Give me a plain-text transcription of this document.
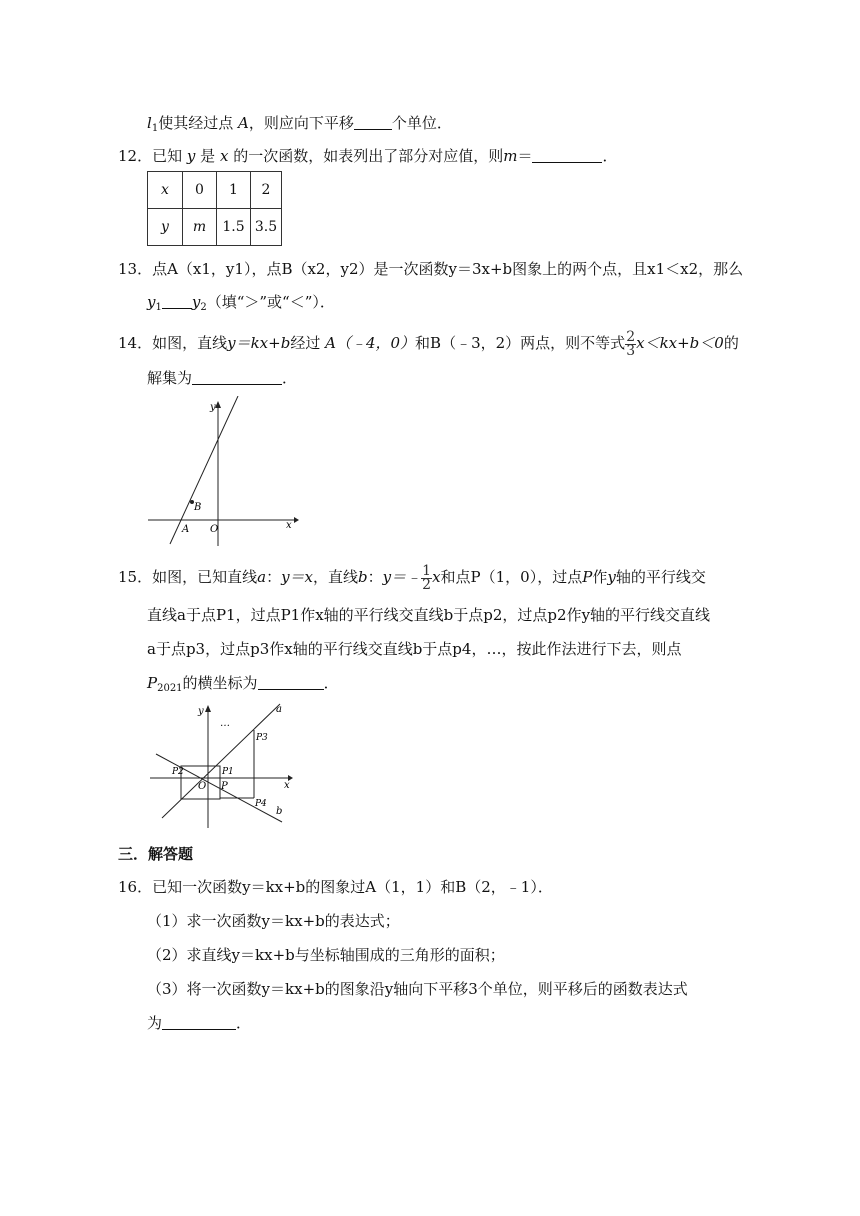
$l_1$使其经过点 A，则应向下平移	个单位．
12．已知 y 是 x 的一次函数，如表列出了部分对应值，则m＝	．
x	0	1	2
y	m	1.5	3.5
13．点A（x1，y1），点B（x2，y2）是一次函数y＝3x+b图象上的两个点，且x1＜x2，那么
$y_1$ $y_2$（填“＞”或“＜”）．
14．如图，直线y＝kx+b经过 A（﹣4，0）和B（﹣3，2）两点，则不等式 $\frac{2}{3} x<kx+b<0$的
解集为	．
y
x
A
B
O
15．如图，已知直线a：y＝x，直线b：y＝﹣ $\frac{1}{2}$ x和点P（1，0），过点P作y轴的平行线交
直线a于点P1，过点P1作x轴的平行线交直线b于点p2，过点p2作y轴的平行线交直线
a于点p3，过点p3作x轴的平行线交直线b于点p4，…，按此作法进行下去，则点
$P_{2021}$的横坐标为	．
y
x
a
b
O P
P1
P2
P3
P4
…
三．解答题
16．已知一次函数y＝kx+b的图象过A（1，1）和B（2，﹣1）．
（1）求一次函数y＝kx+b的表达式；
（2）求直线y＝kx+b与坐标轴围成的三角形的面积；
（3）将一次函数y＝kx+b的图象沿y轴向下平移3个单位，则平移后的函数表达式
为	．
